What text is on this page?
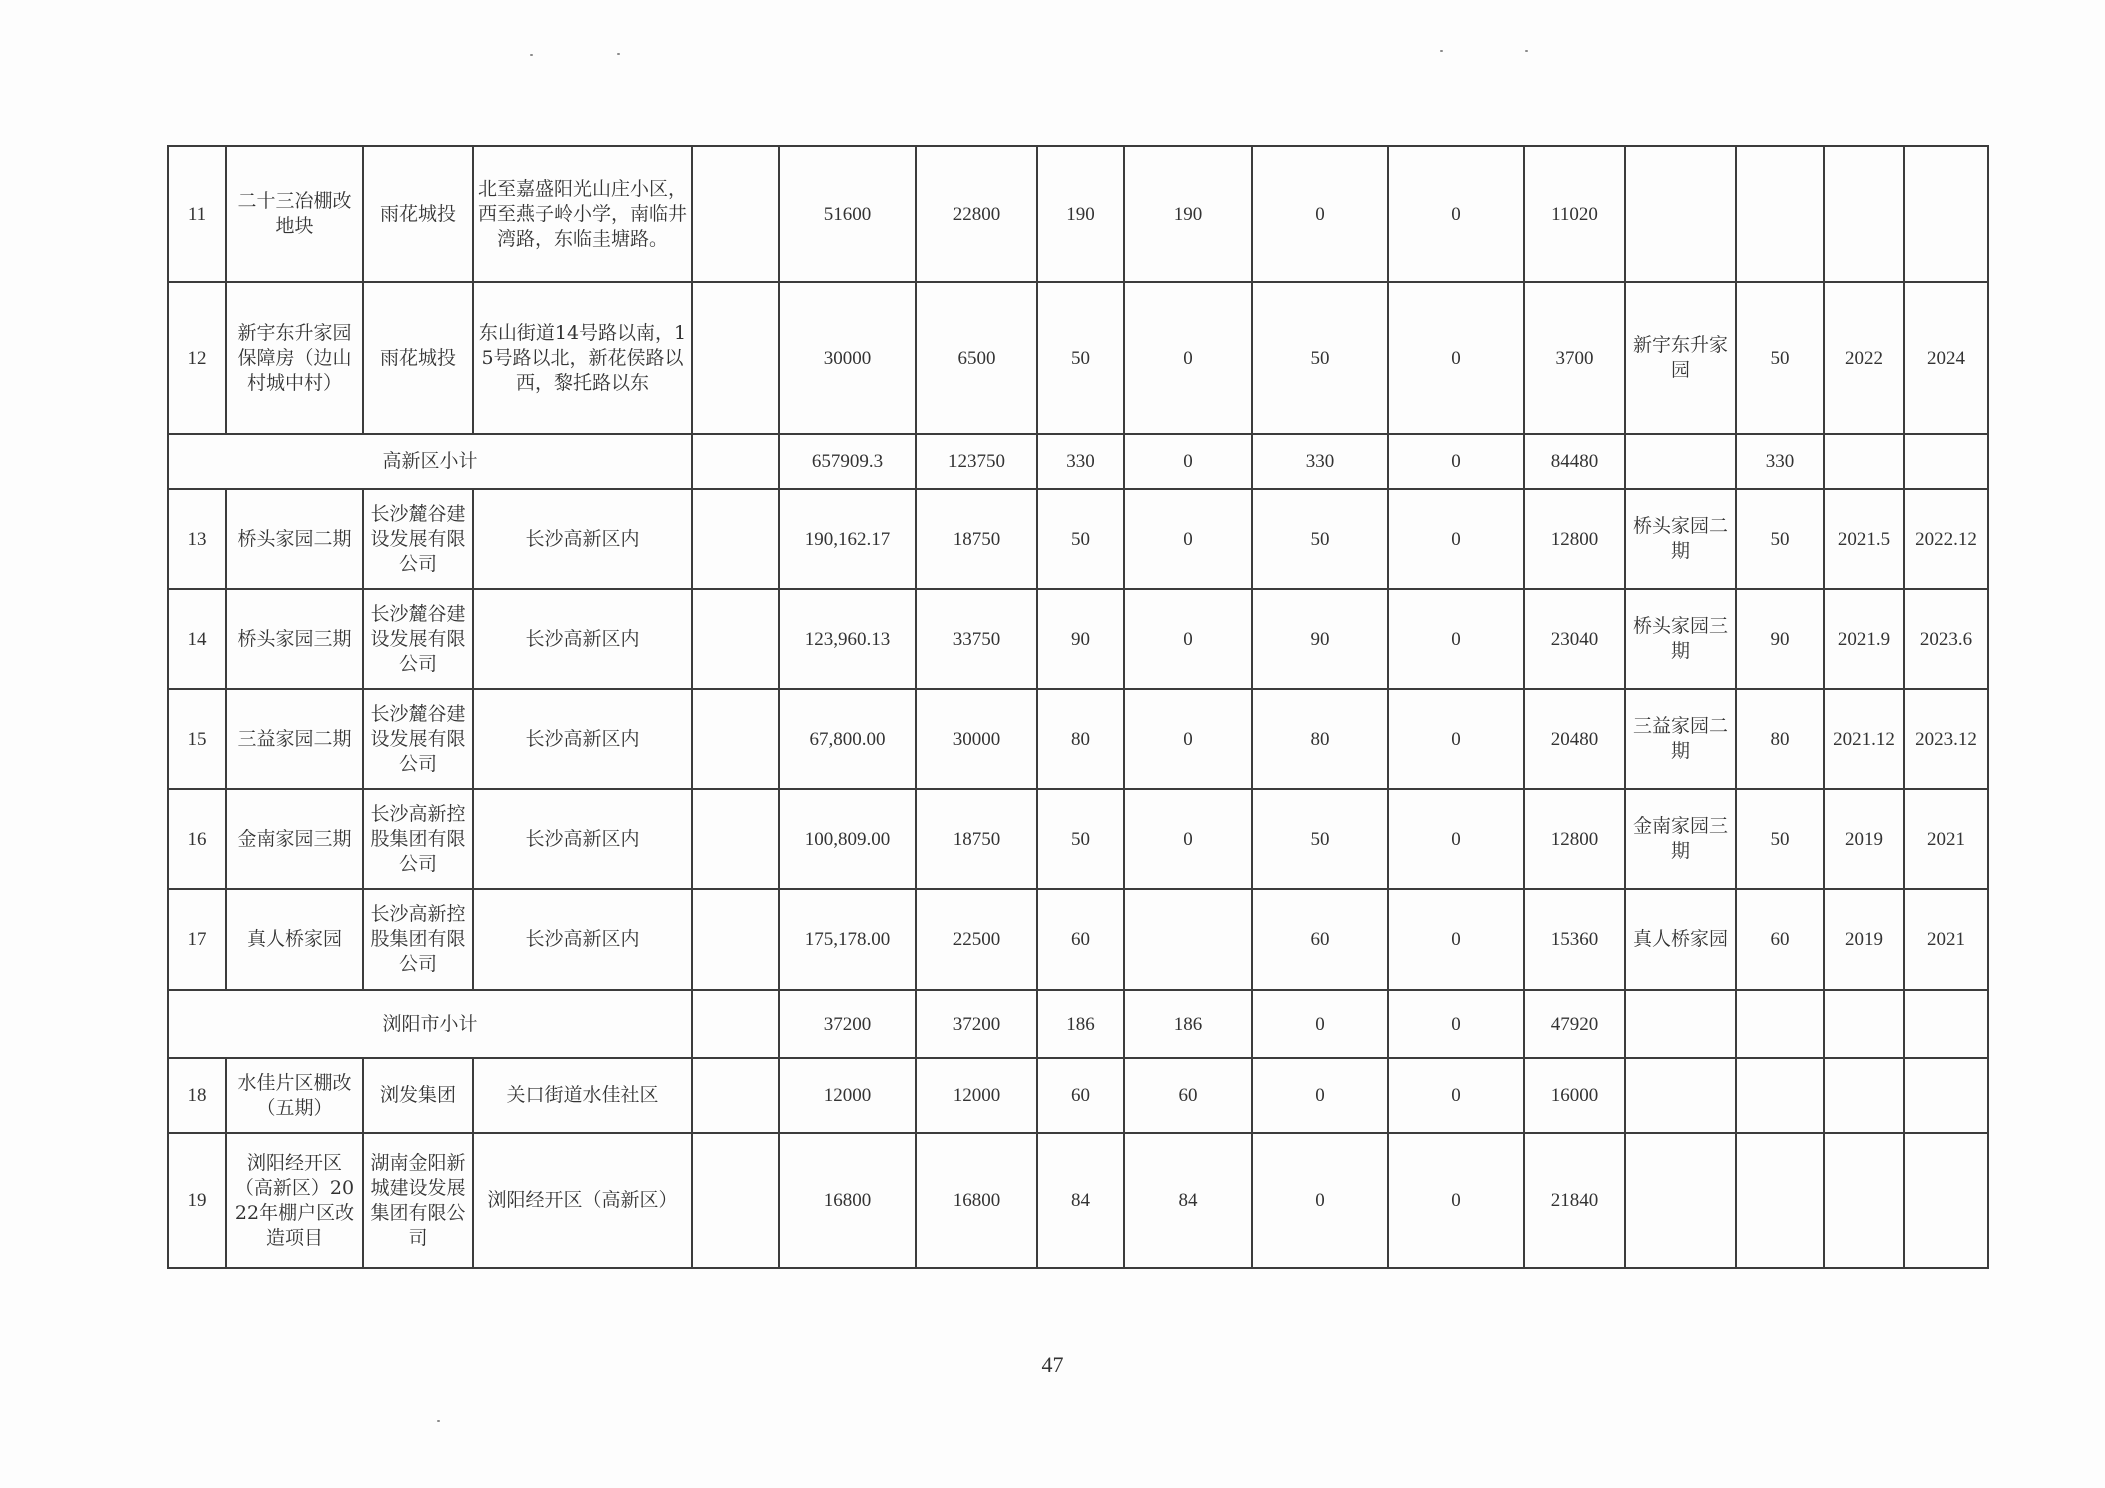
11	二十三冶棚改地块	雨花城投	北至嘉盛阳光山庄小区，西至燕子岭小学，南临井湾路，东临圭塘路。		51600	22800	190	190	0	0	11020				
12	新宇东升家园保障房（边山村城中村）	雨花城投	东山街道14号路以南，15号路以北，新花侯路以西，黎托路以东		30000	6500	50	0	50	0	3700	新宇东升家园	50	2022	2024
高新区小计					657909.3	123750	330	0	330	0	84480		330		
13	桥头家园二期	长沙麓谷建设发展有限公司	长沙高新区内		190,162.17	18750	50	0	50	0	12800	桥头家园二期	50	2021.5	2022.12
14	桥头家园三期	长沙麓谷建设发展有限公司	长沙高新区内		123,960.13	33750	90	0	90	0	23040	桥头家园三期	90	2021.9	2023.6
15	三益家园二期	长沙麓谷建设发展有限公司	长沙高新区内		67,800.00	30000	80	0	80	0	20480	三益家园二期	80	2021.12	2023.12
16	金南家园三期	长沙高新控股集团有限公司	长沙高新区内		100,809.00	18750	50	0	50	0	12800	金南家园三期	50	2019	2021
17	真人桥家园	长沙高新控股集团有限公司	长沙高新区内		175,178.00	22500	60		60	0	15360	真人桥家园	60	2019	2021
浏阳市小计					37200	37200	186	186	0	0	47920				
18	水佳片区棚改（五期）	浏发集团	关口街道水佳社区		12000	12000	60	60	0	0	16000				
19	浏阳经开区（高新区）2022年棚户区改造项目	湖南金阳新城建设发展集团有限公司	浏阳经开区（高新区）		16800	16800	84	84	0	0	21840				
47
